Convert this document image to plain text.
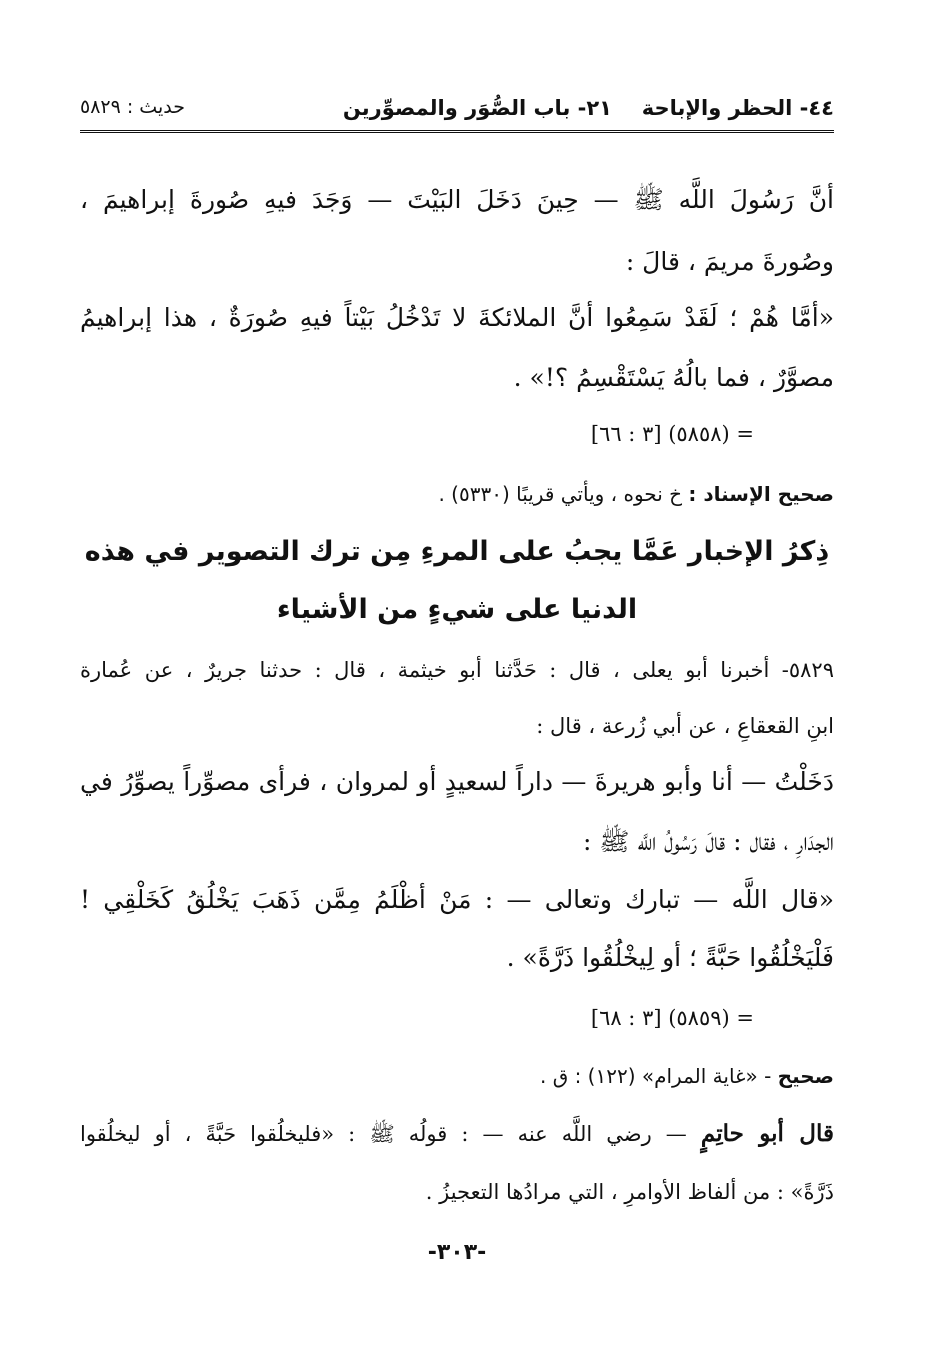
٤٤- الحظر والإباحة
٢١- باب الصُّوَر والمصوِّرين
حديث : ٥٨٢٩
أنَّ رَسُولَ اللَّه ﷺ — حِينَ دَخَلَ البَيْتَ — وَجَدَ فيهِ صُورةَ إبراهيمَ ،
وصُورةَ مريمَ ، قالَ :
«أمَّا هُمْ ؛ لَقَدْ سَمِعُوا أنَّ الملائكةَ لا تَدْخُلُ بَيْتاً فيهِ صُورَةٌ ، هذا إبراهيمُ
مصوَّرٌ ، فما بالُهُ يَسْتَقْسِمُ ؟!» .
= (٥٨٥٨) [٣ : ٦٦]
صحيح الإسناد : خ نحوه ، ويأتي قريبًا (٥٣٣٠) .
ذِكرُ الإخبار عَمَّا يجبُ على المرءِ مِن ترك التصوير في هذه
الدنيا على شيءٍ من الأشياء
٥٨٢٩- أخبرنا أبو يعلى ، قال : حَدَّثنا أبو خيثمة ، قال : حدثنا جريرٌ ، عن عُمارة
ابنِ القعقاعِ ، عن أبي زُرعة ، قال :
دَخَلْتُ — أنا وأبو هريرةَ — داراً لسعيدٍ أو لمروان ، فرأى مصوِّراً يصوِّرُ في
الجدَارِ ، فقال : قالَ رَسُولُ اللَّه ﷺ :
«قال اللَّه — تبارك وتعالى — : مَنْ أظْلَمُ مِمَّن ذَهَبَ يَخْلُقُ كَخَلْقِي !
فَلْيَخْلُقُوا حَبَّةً ؛ أو لِيخْلُقُوا ذَرَّةً» .
= (٥٨٥٩) [٣ : ٦٨]
صحيح - «غاية المرام» (١٢٢) : ق .
قال أبو حاتِمٍ — رضي اللَّه عنه — : قولُه ﷺ : «فليخلُقوا حَبَّةً ، أو ليخلُقوا
ذَرَّةً» : من ألفاظ الأوامرِ ، التي مرادُها التعجيزُ .
-٣٠٣-
